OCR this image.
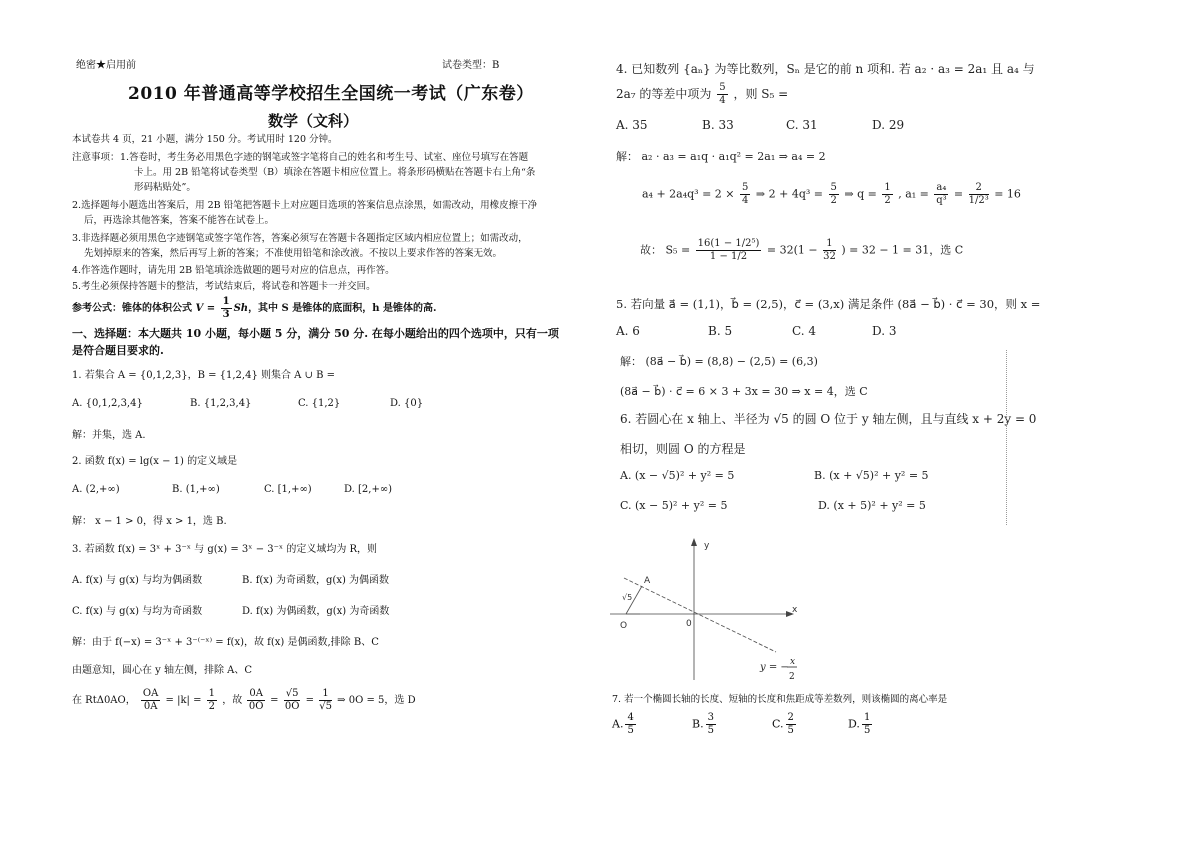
绝密★启用前	试卷类型：B
2010 年普通高等学校招生全国统一考试（广东卷）
数学（文科）
本试卷共 4 页，21 小题，满分 150 分。考试用时 120 分钟。
注意事项： 1.答卷时，考生务必用黑色字迹的钢笔或签字笔将自己的姓名和考生号、试室、座位号填写在答题
卡上。用 2B 铅笔将试卷类型（B）填涂在答题卡相应位置上。将条形码横贴在答题卡右上角“条
形码粘贴处”。
2.选择题每小题选出答案后，用 2B 铅笔把答题卡上对应题目选项的答案信息点涂黑，如需改动，用橡皮擦干净
后，再选涂其他答案，答案不能答在试卷上。
3.非选择题必须用黑色字迹钢笔或签字笔作答，答案必须写在答题卡各题指定区域内相应位置上；如需改动，
先划掉原来的答案，然后再写上新的答案；不准使用铅笔和涂改液。不按以上要求作答的答案无效。
4.作答选作题时，请先用 2B 铅笔填涂选做题的题号对应的信息点，再作答。
5.考生必须保持答题卡的整洁，考试结束后，将试卷和答题卡一并交回。
参考公式：锥体的体积公式 $V = \frac{1}{3}$ Sh，其中 S 是锥体的底面积，h 是锥体的高.
一、选择题：本大题共 10 小题，每小题 5 分，满分 50 分. 在每小题给出的四个选项中，只有一项
是符合题目要求的.
1. 若集合 A = {0,1,2,3}，B = {1,2,4} 则集合 A ∪ B =
A. {0,1,2,3,4}	B. {1,2,3,4}	C. {1,2}	D. {0}
解：并集，选 A.
2. 函数 f(x) = lg(x − 1) 的定义域是
A. (2,+∞)	B. (1,+∞)	C. [1,+∞)	D. [2,+∞)
解： x − 1 > 0，得 x > 1，选 B.
3. 若函数 f(x) = 3ˣ + 3⁻ˣ 与 g(x) = 3ˣ − 3⁻ˣ 的定义域均为 R，则
A. f(x) 与 g(x) 与均为偶函数	B. f(x) 为奇函数，g(x) 为偶函数
C. f(x) 与 g(x) 与均为奇函数	D. f(x) 为偶函数，g(x) 为奇函数
解：由于 f(−x) = 3⁻ˣ + 3⁻⁽⁻ˣ⁾ = f(x)，故 f(x) 是偶函数,排除 B、C
由题意知，圆心在 y 轴左侧，排除 A、C
在 RtΔ0AO， $\frac{OA}{0A} = |k| = \frac{1}{2}$ ，故 $\frac{0A}{0O} = \frac{√5}{0O} = \frac{1}{√5}$ ⇒ 0O = 5，选 D
4. 已知数列 {aₙ} 为等比数列，Sₙ 是它的前 n 项和. 若 a₂ · a₃ = 2a₁ 且 a₄ 与
2a₇ 的等差中项为 $\frac{5}{4}$ ，则 S₅ =
A. 35	B. 33	C. 31	D. 29
解： a₂ · a₃ = a₁q · a₁q² = 2a₁ ⇒ a₄ = 2
$a_4 + 2a_4q^3 = 2 \times \frac{5}{4}$ ⇒ $2 + 4q^3 = \frac{5}{2}$ ⇒ $q = \frac{1}{2}$ , $a_1 = \frac{\text{a₄}}{\text{q³}} = \frac{2}{\text{1/2³}} = 16$
故： $S_5 = \frac{\text{16(1 − 1/2⁵)}}{1 - 1/2} = 32(1 - \frac{1}{32}$ ) = 32 − 1 = 31，选 C
5. 若向量 a⃗ = (1,1)，b⃗ = (2,5)，c⃗ = (3,x) 满足条件 (8a⃗ − b⃗) · c⃗ = 30，则 x =
A. 6	B. 5	C. 4	D. 3
解： (8a⃗ − b⃗) = (8,8) − (2,5) = (6,3)
(8a⃗ − b⃗) · c⃗ = 6 × 3 + 3x = 30 ⇒ x = 4，选 C
6. 若圆心在 x 轴上、半径为 √5 的圆 O 位于 y 轴左侧，且与直线 x + 2y = 0
相切，则圆 O 的方程是
A. (x − √5)² + y² = 5	B. (x + √5)² + y² = 5
C. (x − 5)² + y² = 5	D. (x + 5)² + y² = 5
7. 若一个椭圆长轴的长度、短轴的长度和焦距成等差数列，则该椭圆的离心率是
A. $\frac{4}{5}$	B. $\frac{3}{5}$	C. $\frac{2}{5}$	D. $\frac{1}{5}$
y
x
A
O	0
√5
y = − x
2
